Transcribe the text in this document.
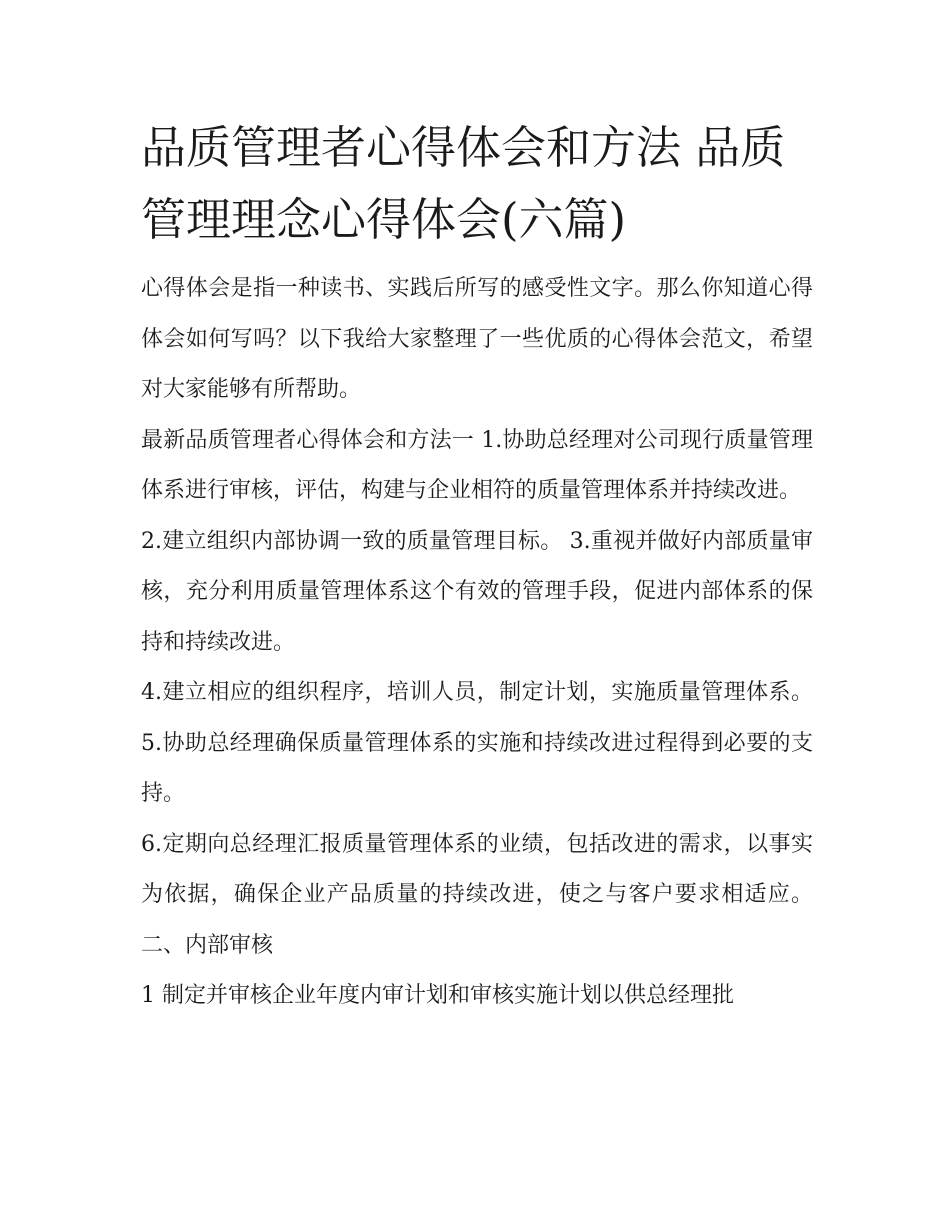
品质管理者心得体会和方法 品质管理理念心得体会(六篇)

心得体会是指一种读书、实践后所写的感受性文字。那么你知道心得体会如何写吗？以下我给大家整理了一些优质的心得体会范文，希望对大家能够有所帮助。

最新品质管理者心得体会和方法一 1.协助总经理对公司现行质量管理体系进行审核，评估，构建与企业相符的质量管理体系并持续改进。

2.建立组织内部协调一致的质量管理目标。 3.重视并做好内部质量审核，充分利用质量管理体系这个有效的管理手段，促进内部体系的保持和持续改进。

4.建立相应的组织程序，培训人员，制定计划，实施质量管理体系。 5.协助总经理确保质量管理体系的实施和持续改进过程得到必要的支持。

6.定期向总经理汇报质量管理体系的业绩，包括改进的需求，以事实为依据，确保企业产品质量的持续改进，使之与客户要求相适应。 二、内部审核

1 制定并审核企业年度内审计划和审核实施计划以供总经理批
